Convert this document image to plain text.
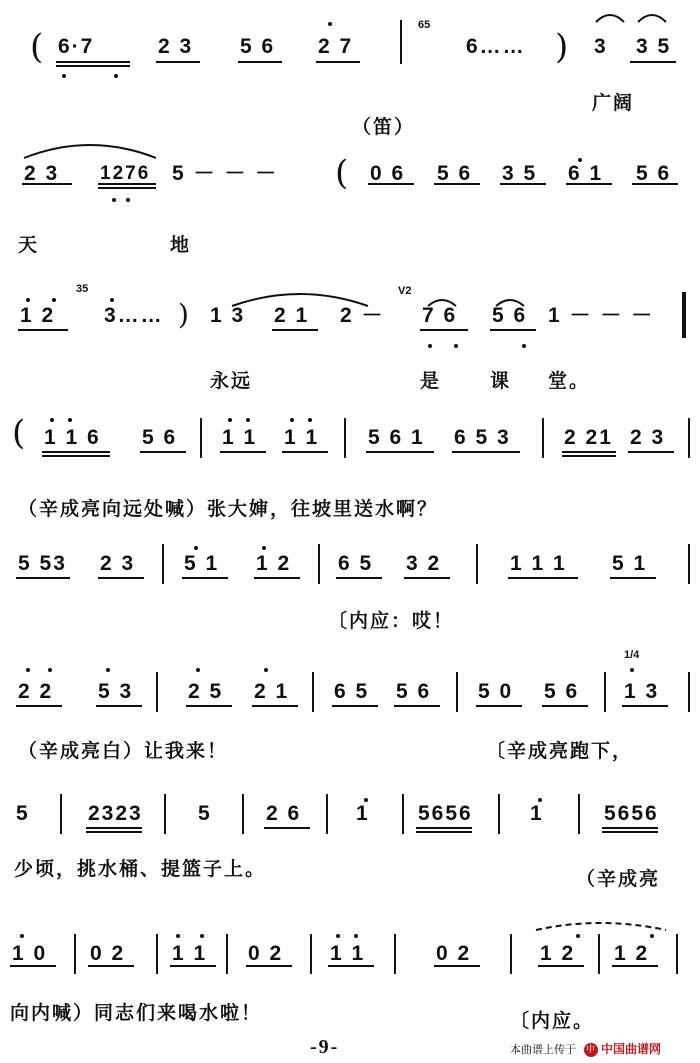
( 6·7	2 3 5 6 2 7
65
6…… ) 3 3 5
广阔
（笛）
2 3 1276 5 － － － ( 0 6 5 6 3 5 6 1 5 6
天	地
1 2
35
3…… ) 1 3 2 1 2 －
V2
7 6 5 6 1 － － －
永远	是	课 堂。
( 1 1 6 5 6 1 1 1 1 5 6 1 6 5 3	2 21 2 3
（辛成亮向远处喊）张大婶，往坡里送水啊？
5 53 2 3 5 1 1 2 6 5 3 2	1 1 1 5 1
〔内应：哎！
1/4
2 2 5 3	2 5 2 1 6 5 5 6 5 0 5 6 1 3
（辛成亮白）让我来！	〔辛成亮跑下，
5	2323	5	2 6	1 5656	1	5656
少顷，挑水桶、提篮子上。	（辛成亮
1 0 0 2 1 1 0 2 1 1	0 2	1 2 1 2
向内喊）同志们来喝水啦！	〔内应。
-9-	本曲谱上传于 中 中国曲谱网
